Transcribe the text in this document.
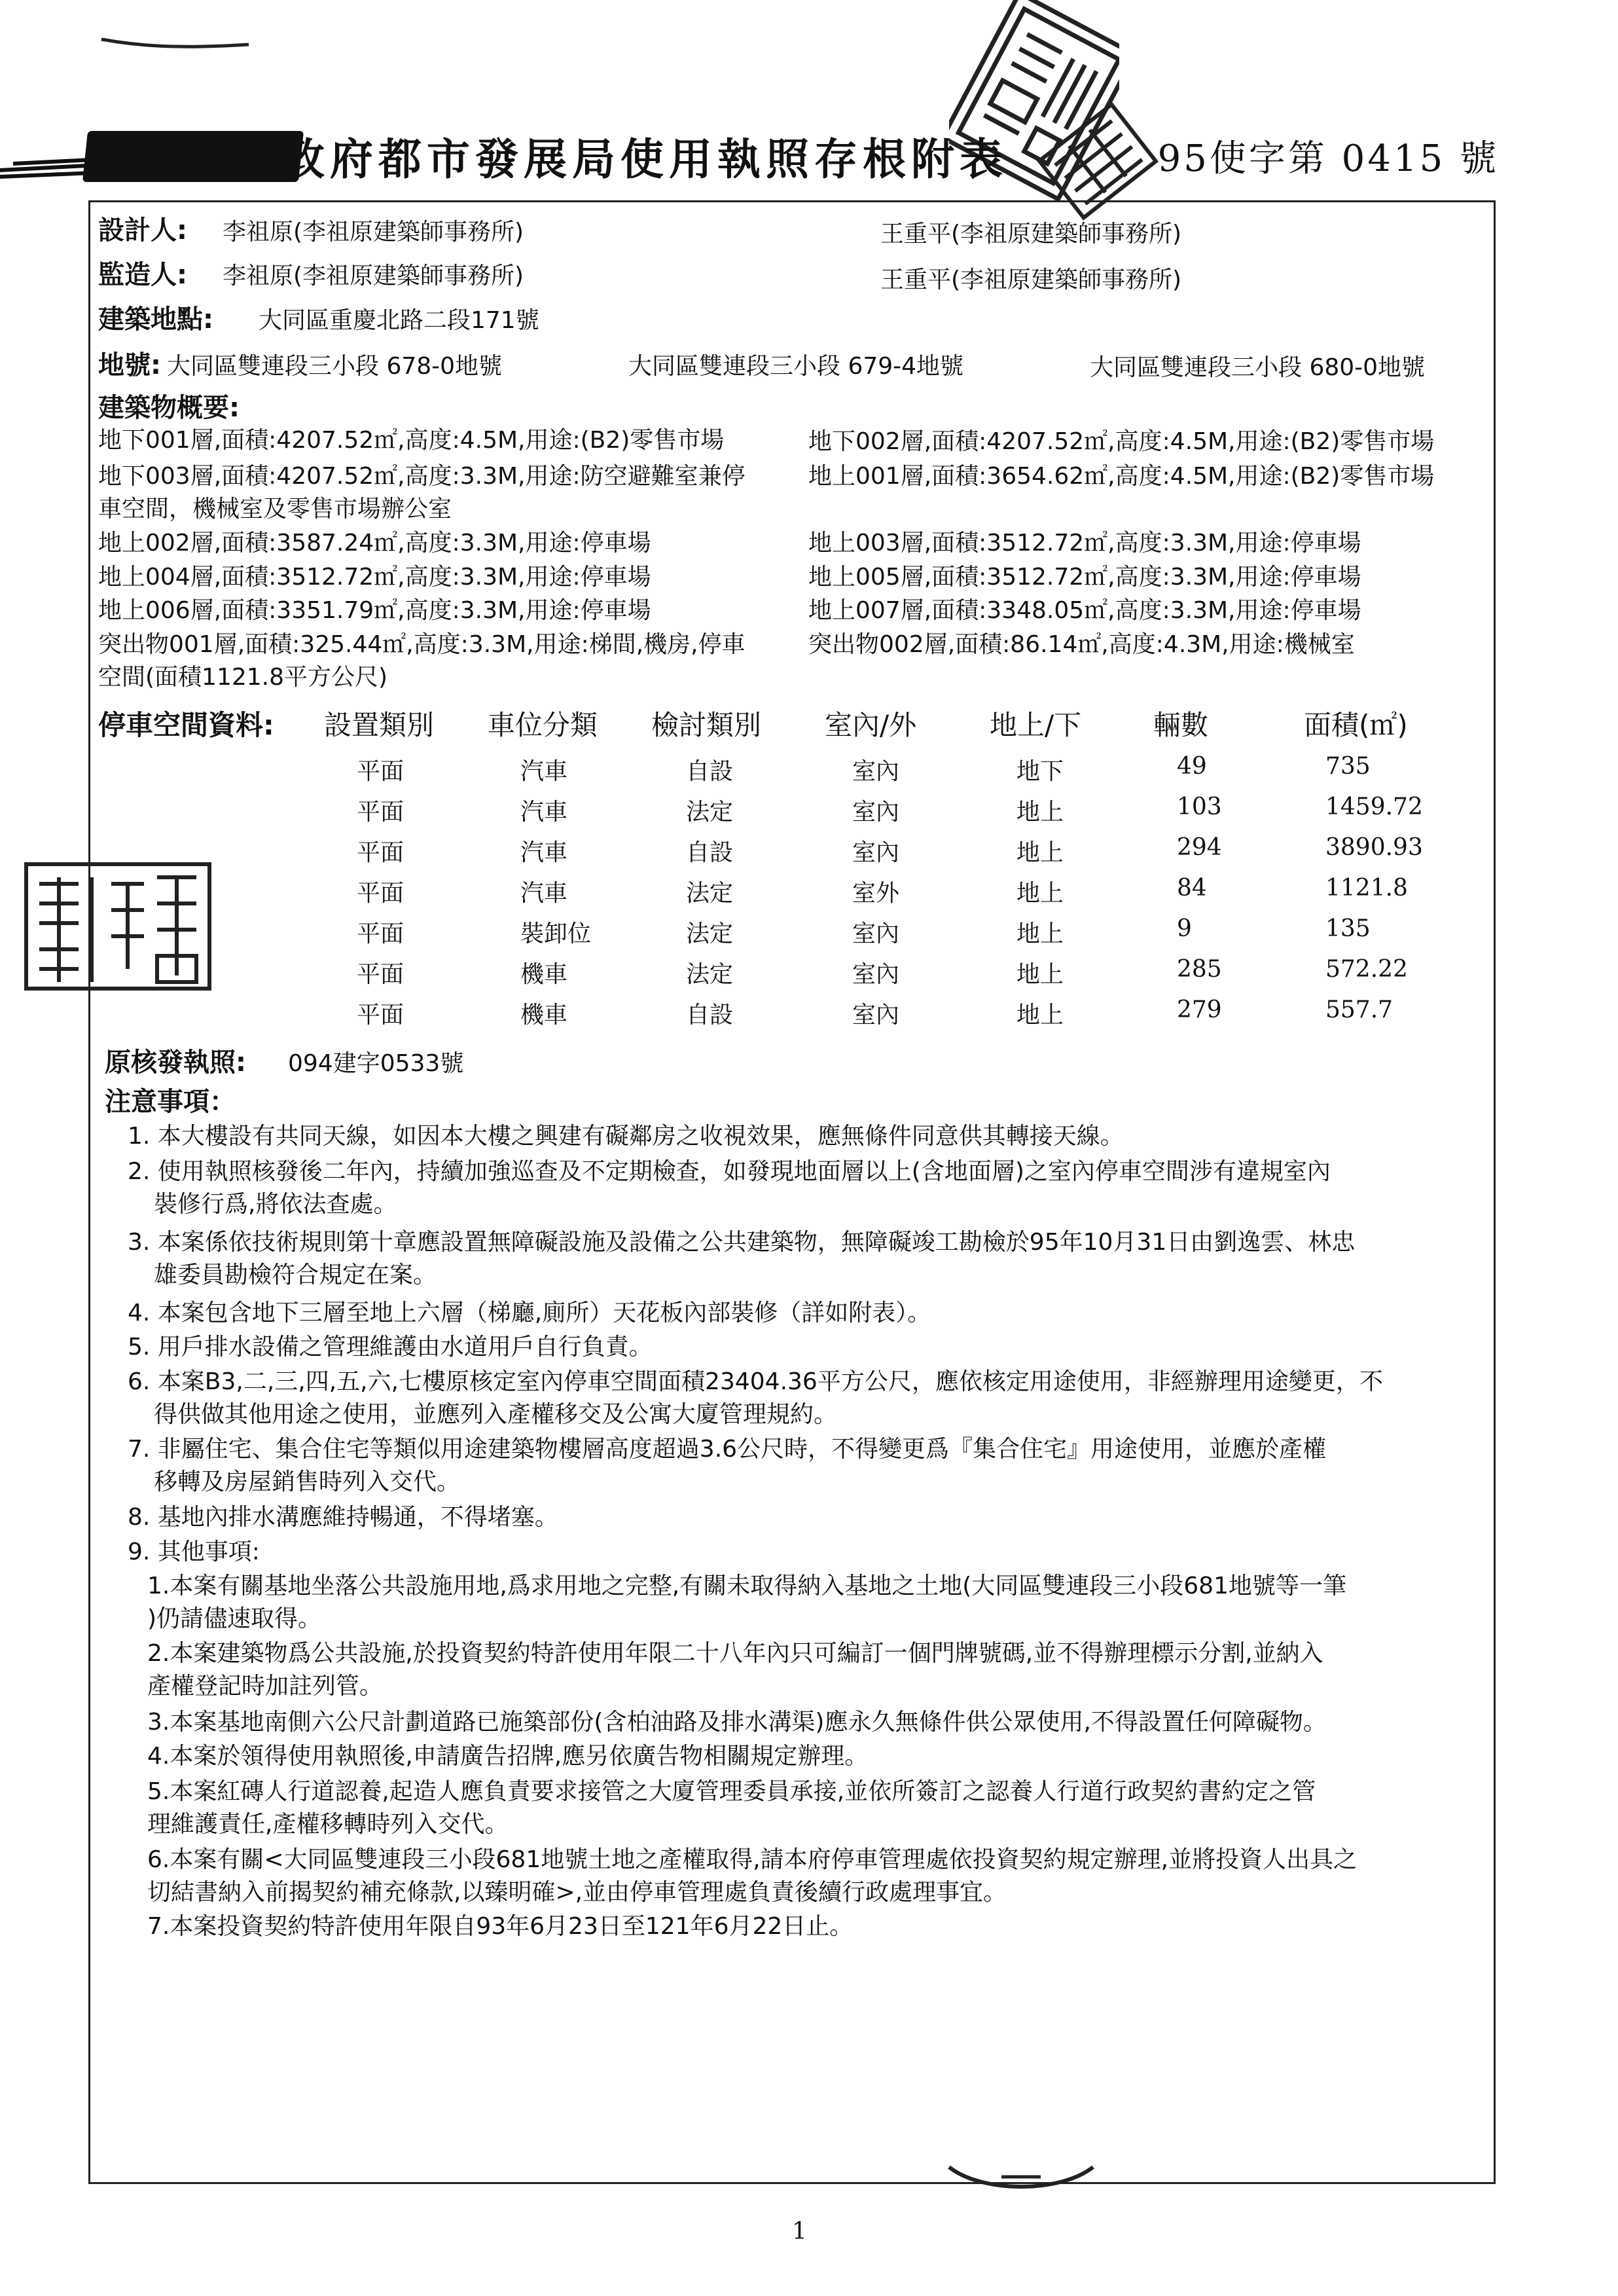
政府都市發展局使用執照存根附表	95使字第 0415 號
設計人: 李祖原(李祖原建築師事務所)	王重平(李祖原建築師事務所)
監造人: 李祖原(李祖原建築師事務所)	王重平(李祖原建築師事務所)
建築地點: 大同區重慶北路二段171號
地號: 大同區雙連段三小段 678-0地號	大同區雙連段三小段 679-4地號	大同區雙連段三小段 680-0地號
建築物概要:
地下001層,面積:4207.52㎡,高度:4.5M,用途:(B2)零售市場	地下002層,面積:4207.52㎡,高度:4.5M,用途:(B2)零售市場
地下003層,面積:4207.52㎡,高度:3.3M,用途:防空避難室兼停	地上001層,面積:3654.62㎡,高度:4.5M,用途:(B2)零售市場
車空間，機械室及零售市場辦公室
地上002層,面積:3587.24㎡,高度:3.3M,用途:停車場	地上003層,面積:3512.72㎡,高度:3.3M,用途:停車場
地上004層,面積:3512.72㎡,高度:3.3M,用途:停車場	地上005層,面積:3512.72㎡,高度:3.3M,用途:停車場
地上006層,面積:3351.79㎡,高度:3.3M,用途:停車場	地上007層,面積:3348.05㎡,高度:3.3M,用途:停車場
突出物001層,面積:325.44㎡,高度:3.3M,用途:梯間,機房,停車	突出物002層,面積:86.14㎡,高度:4.3M,用途:機械室
空間(面積1121.8平方公尺)
停車空間資料: 設置類別 車位分類 檢討類別 室內/外	地上/下	輛數	面積(㎡)
平面	汽車	自設	室內	地下	49	735
平面	汽車	法定	室內	地上	103	1459.72
平面	汽車	自設	室內	地上	294	3890.93
平面	汽車	法定	室外	地上	84	1121.8
平面	裝卸位	法定	室內	地上	9	135
平面	機車	法定	室內	地上	285	572.22
平面	機車	自設	室內	地上	279	557.7
原核發執照: 094建字0533號
注意事項：
1. 本大樓設有共同天線，如因本大樓之興建有礙鄰房之收視效果，應無條件同意供其轉接天線。
2. 使用執照核發後二年內，持續加強巡查及不定期檢查，如發現地面層以上(含地面層)之室內停車空間涉有違規室內
裝修行爲,將依法查處。
3. 本案係依技術規則第十章應設置無障礙設施及設備之公共建築物，無障礙竣工勘檢於95年10月31日由劉逸雲、林忠
雄委員勘檢符合規定在案。
4. 本案包含地下三層至地上六層（梯廳,廁所）天花板內部裝修（詳如附表）。
5. 用戶排水設備之管理維護由水道用戶自行負責。
6. 本案B3,二,三,四,五,六,七樓原核定室內停車空間面積23404.36平方公尺，應依核定用途使用，非經辦理用途變更，不
得供做其他用途之使用，並應列入產權移交及公寓大廈管理規約。
7. 非屬住宅、集合住宅等類似用途建築物樓層高度超過3.6公尺時，不得變更爲『集合住宅』用途使用，並應於產權
移轉及房屋銷售時列入交代。
8. 基地內排水溝應維持暢通，不得堵塞。
9. 其他事項:
1.本案有關基地坐落公共設施用地,爲求用地之完整,有關未取得納入基地之土地(大同區雙連段三小段681地號等一筆
)仍請儘速取得。
2.本案建築物爲公共設施,於投資契約特許使用年限二十八年內只可編訂一個門牌號碼,並不得辦理標示分割,並納入
產權登記時加註列管。
3.本案基地南側六公尺計劃道路已施築部份(含柏油路及排水溝渠)應永久無條件供公眾使用,不得設置任何障礙物。
4.本案於領得使用執照後,申請廣告招牌,應另依廣告物相關規定辦理。
5.本案紅磚人行道認養,起造人應負責要求接管之大廈管理委員承接,並依所簽訂之認養人行道行政契約書約定之管
理維護責任,產權移轉時列入交代。
6.本案有關<大同區雙連段三小段681地號土地之產權取得,請本府停車管理處依投資契約規定辦理,並將投資人出具之
切結書納入前揭契約補充條款,以臻明確>,並由停車管理處負責後續行政處理事宜。
7.本案投資契約特許使用年限自93年6月23日至121年6月22日止。
1
